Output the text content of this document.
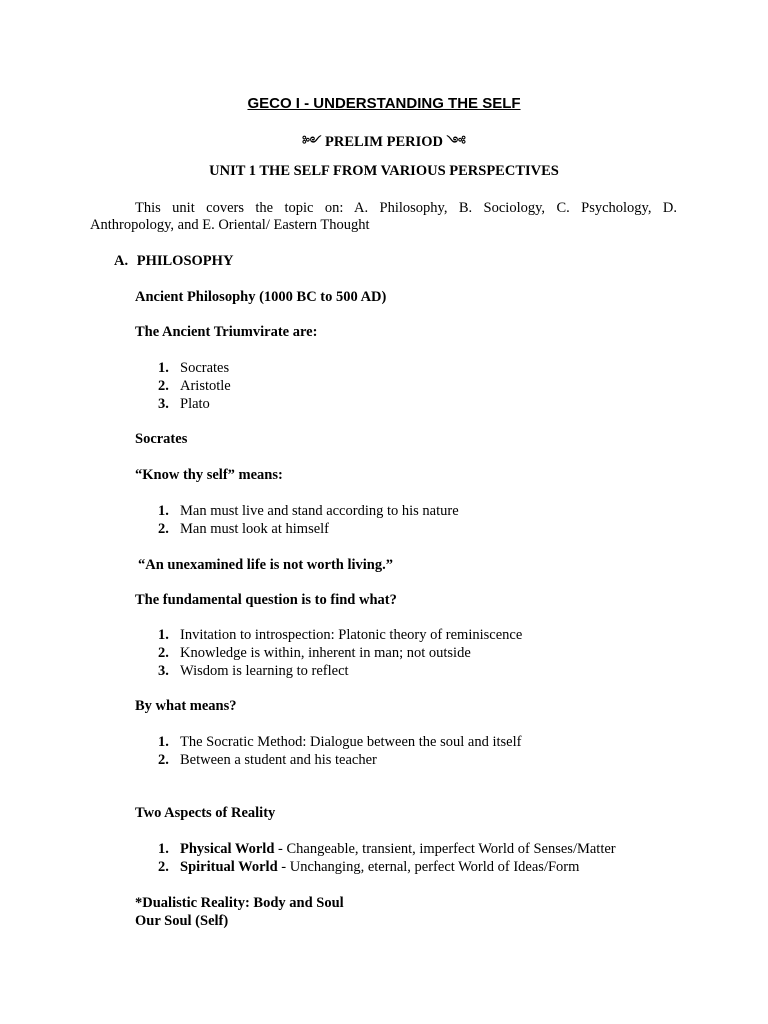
GECO I - UNDERSTANDING THE SELF
༻ PRELIM PERIOD ༺
UNIT 1 THE SELF FROM VARIOUS PERSPECTIVES
This unit covers the topic on: A. Philosophy, B. Sociology, C. Psychology, D.
Anthropology, and E. Oriental/ Eastern Thought
A. PHILOSOPHY
Ancient Philosophy (1000 BC to 500 AD)
The Ancient Triumvirate are:
1. Socrates
2. Aristotle
3. Plato
Socrates
“Know thy self” means:
1. Man must live and stand according to his nature
2. Man must look at himself
“An unexamined life is not worth living.”
The fundamental question is to find what?
1. Invitation to introspection: Platonic theory of reminiscence
2. Knowledge is within, inherent in man; not outside
3. Wisdom is learning to reflect
By what means?
1. The Socratic Method: Dialogue between the soul and itself
2. Between a student and his teacher
Two Aspects of Reality
1. Physical World - Changeable, transient, imperfect World of Senses/Matter
2. Spiritual World - Unchanging, eternal, perfect World of Ideas/Form
*Dualistic Reality: Body and Soul
Our Soul (Self)
